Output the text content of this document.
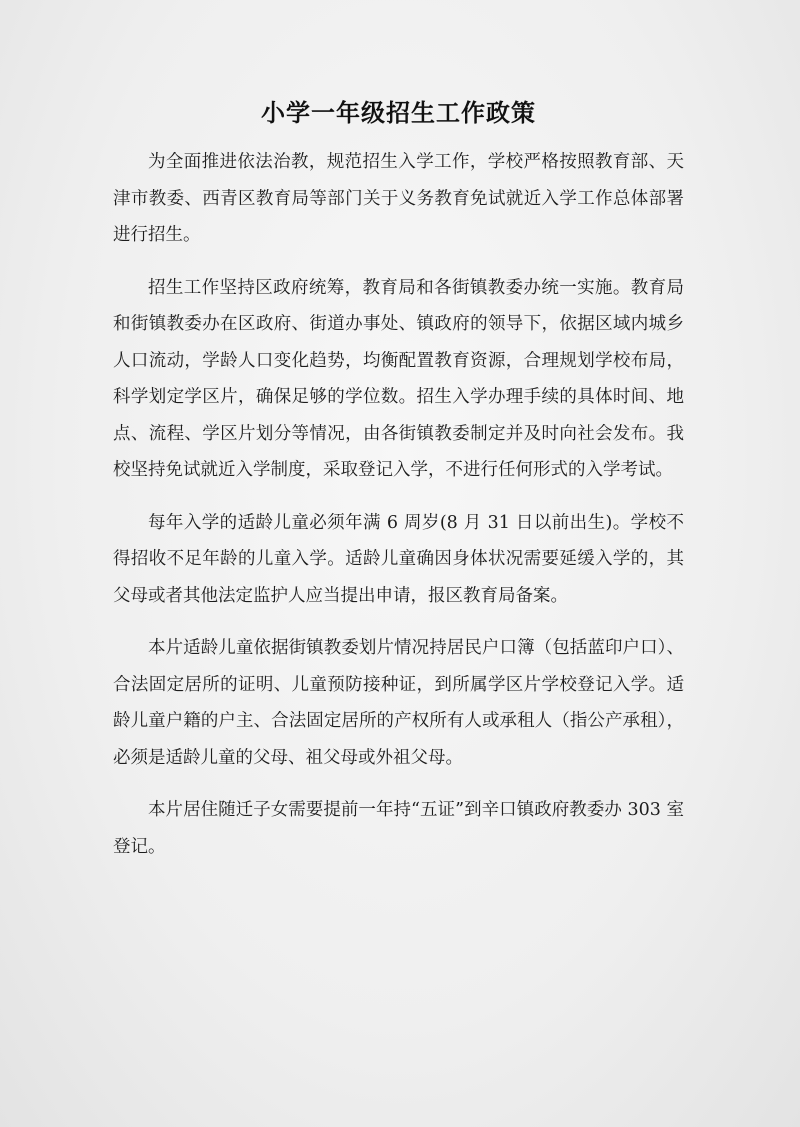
小学一年级招生工作政策

为全面推进依法治教，规范招生入学工作，学校严格按照教育部、天津市教委、西青区教育局等部门关于义务教育免试就近入学工作总体部署进行招生。

招生工作坚持区政府统筹，教育局和各街镇教委办统一实施。教育局和街镇教委办在区政府、街道办事处、镇政府的领导下，依据区域内城乡人口流动，学龄人口变化趋势，均衡配置教育资源，合理规划学校布局，科学划定学区片，确保足够的学位数。招生入学办理手续的具体时间、地点、流程、学区片划分等情况，由各街镇教委制定并及时向社会发布。我校坚持免试就近入学制度，采取登记入学，不进行任何形式的入学考试。

每年入学的适龄儿童必须年满 6 周岁(8 月 31 日以前出生)。学校不得招收不足年龄的儿童入学。适龄儿童确因身体状况需要延缓入学的，其父母或者其他法定监护人应当提出申请，报区教育局备案。

本片适龄儿童依据街镇教委划片情况持居民户口簿（包括蓝印户口）、合法固定居所的证明、儿童预防接种证，到所属学区片学校登记入学。适龄儿童户籍的户主、合法固定居所的产权所有人或承租人（指公产承租），必须是适龄儿童的父母、祖父母或外祖父母。

本片居住随迁子女需要提前一年持“五证”到辛口镇政府教委办 303 室登记。
